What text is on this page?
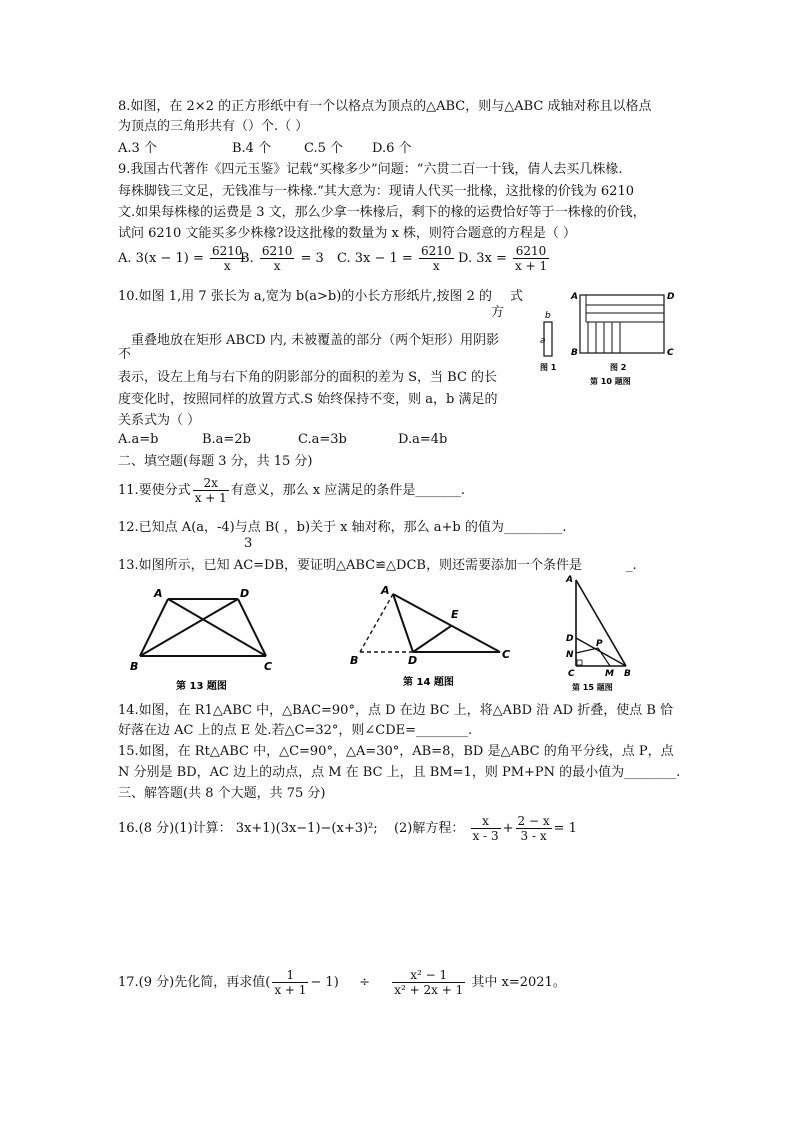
8.如图，在 2×2 的正方形纸中有一个以格点为顶点的△ABC，则与△ABC 成轴对称且以格点
为顶点的三角形共有（）个.（ ）
A.3 个	B.4 个	C.5 个 D.6 个
9.我国古代著作《四元玉鉴》记载“买椽多少”问题：“六贯二百一十钱，倩人去买几株椽.
每株脚钱三文足，无钱准与一株椽.“其大意为：现请人代买一批椽，这批椽的价钱为 6210
文.如果每株椽的运费是 3 文，那么少拿一株椽后，剩下的椽的运费恰好等于一株椽的价钱，
试问 6210 文能买多少株椽?设这批椽的数量为 x 株，则符合题意的方程是（ ）
A. $3(x - 1) = \frac{6210}{x}$
B. $\frac{6210}{x} = 3$ C. $3x - 1 = \frac{6210}{x} D$. $3x = \frac{6210}{x + 1}$
10.如图 1,用 7 张长为 a,宽为 b(a>b)的小长方形纸片,按图 2 的 式
方
重叠地放在矩形 ABCD 内, 未被覆盖的部分（两个矩形）用阴影
不
表示，设左上角与右下角的阴影部分的面积的差为 S，当 BC 的长
度变化时，按照同样的放置方式.S 始终保持不变，则 a，b 满足的
关系式为（ ）
A.a=b	B.a=2b	C.a=3b	D.a=4b
a
b
图 1
A	D
B	C
图 2
第 10 题图
二、填空题(每题 3 分，共 15 分)
11.要使分式 $\frac{2x}{x + 1}$ 有意义，那么 x 应满足的条件是_______.
12.已知点 A(a，-4)与点 B( ，b)关于 x 轴对称，那么 a+b 的值为_________.
3
13.如图所示，已知 AC=DB，要证明△ABC≌△DCB，则还需要添加一个条件是	_.
A	D
B	C
第 13 题图
A
E
B	D	C
第 14 题图
A
D
N
P
C	M B
第 15 题图
14.如图，在 R1△ABC 中，△BAC=90°，点 D 在边 BC 上，将△ABD 沿 AD 折叠，使点 B 恰
好落在边 AC 上的点 E 处.若△C=32°，则∠CDE=________.
15.如图，在 Rt△ABC 中，△C=90°，△A=30°，AB=8，BD 是△ABC 的角平分线，点 P，点
N 分别是 BD，AC 边上的动点，点 M 在 BC 上，且 BM=1，则 PM+PN 的最小值为________.
三、解答题(共 8 个大题，共 75 分)
16.(8 分)(1)计算： 3x+1)(3x−1)−(x+3)²; (2)解方程： $\frac{x}{x - 3} + \frac{2 - x}{3 - x} = 1$
17.(9 分)先化简，再求值( $\frac{1}{x + 1} - 1) \div \frac{\text{x² − 1}}{\text{x² + 2x + 1}}$ 其中 x=2021。
